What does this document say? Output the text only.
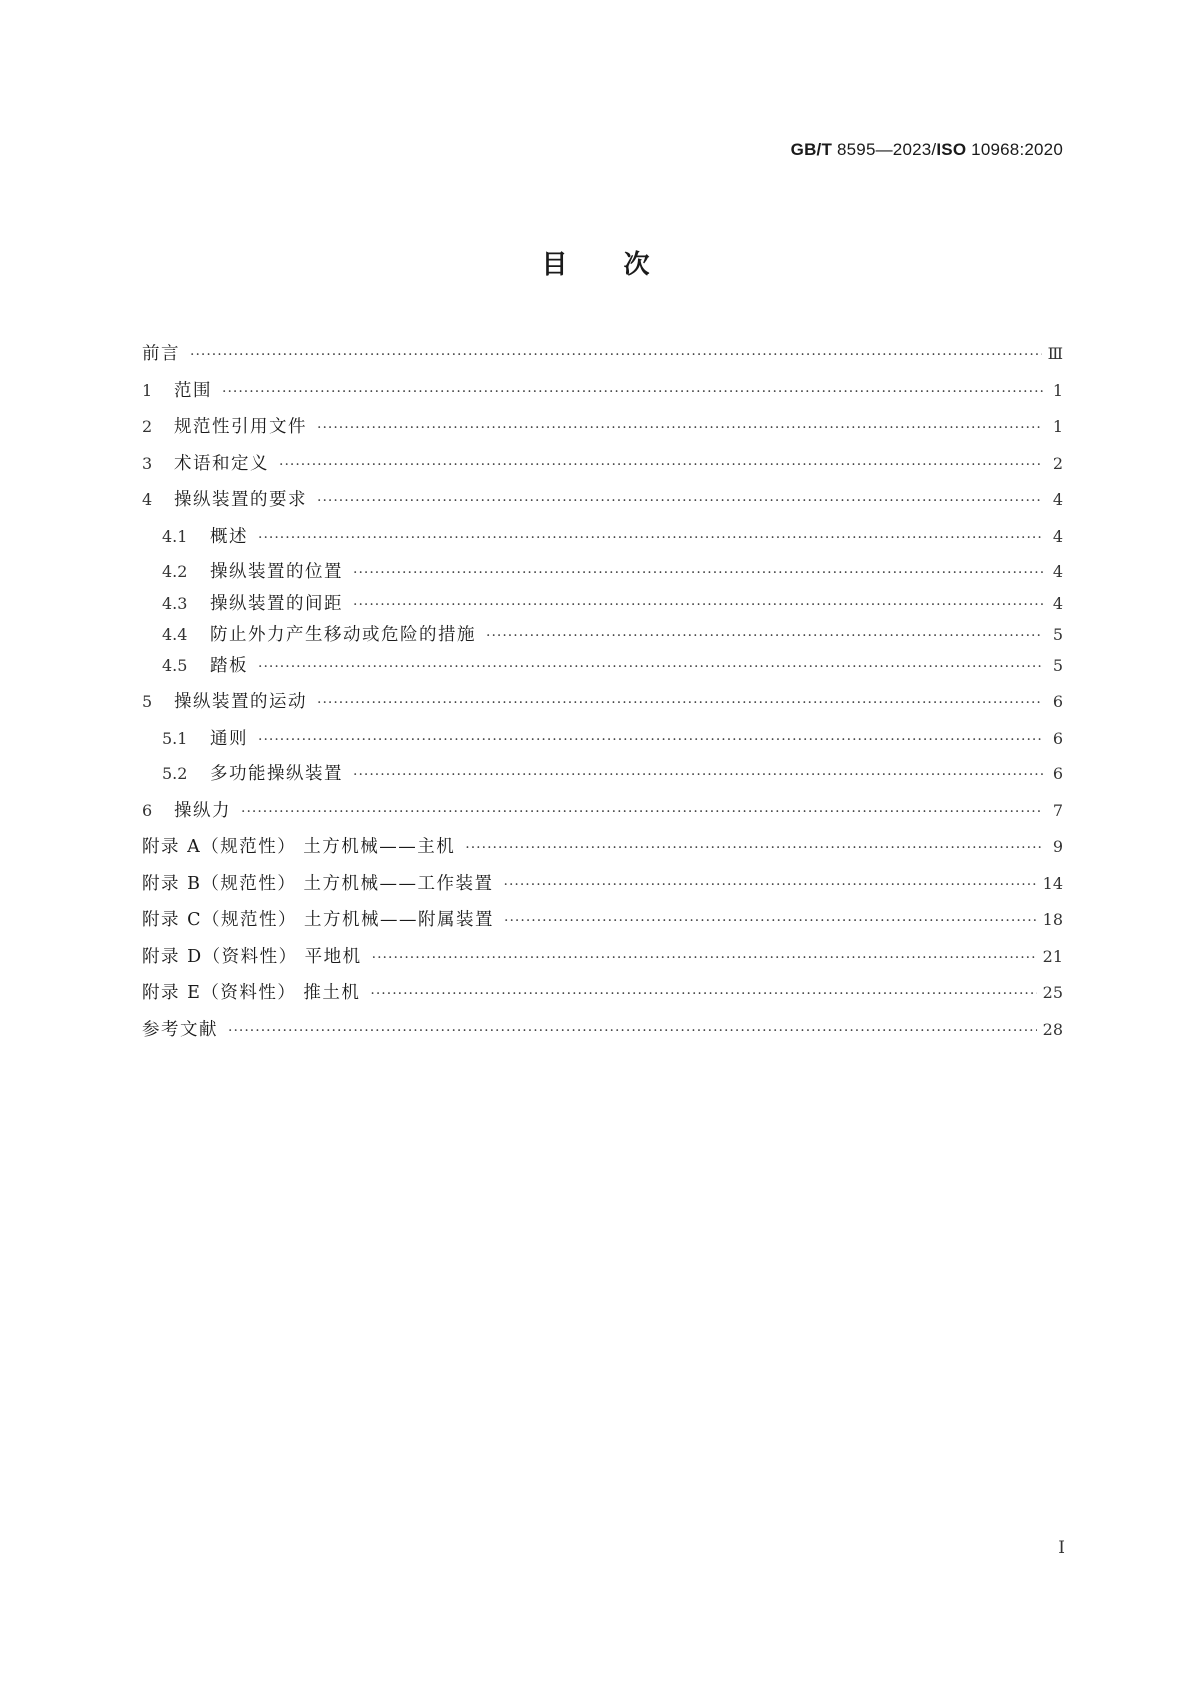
GB/T 8595—2023/ISO 10968:2020
目次
前言 ·····	Ⅲ
1	范围 ·····	1
2	规范性引用文件 ·····	1
3	术语和定义 ·····	2
4	操纵装置的要求 ·····	4
4.1	概述 ·····	4
4.2	操纵装置的位置 ·····	4
4.3	操纵装置的间距 ·····	4
4.4	防止外力产生移动或危险的措施 ·····	5
4.5	踏板 ·····	5
5	操纵装置的运动 ·····	6
5.1	通则 ·····	6
5.2	多功能操纵装置 ·····	6
6	操纵力 ·····	7
附录 A（规范性） 土方机械——主机 ·····	9
附录 B（规范性） 土方机械——工作装置 ·····	14
附录 C（规范性） 土方机械——附属装置 ·····	18
附录 D（资料性） 平地机 ·····	21
附录 E（资料性） 推土机 ·····	25
参考文献 ·····	28
I
